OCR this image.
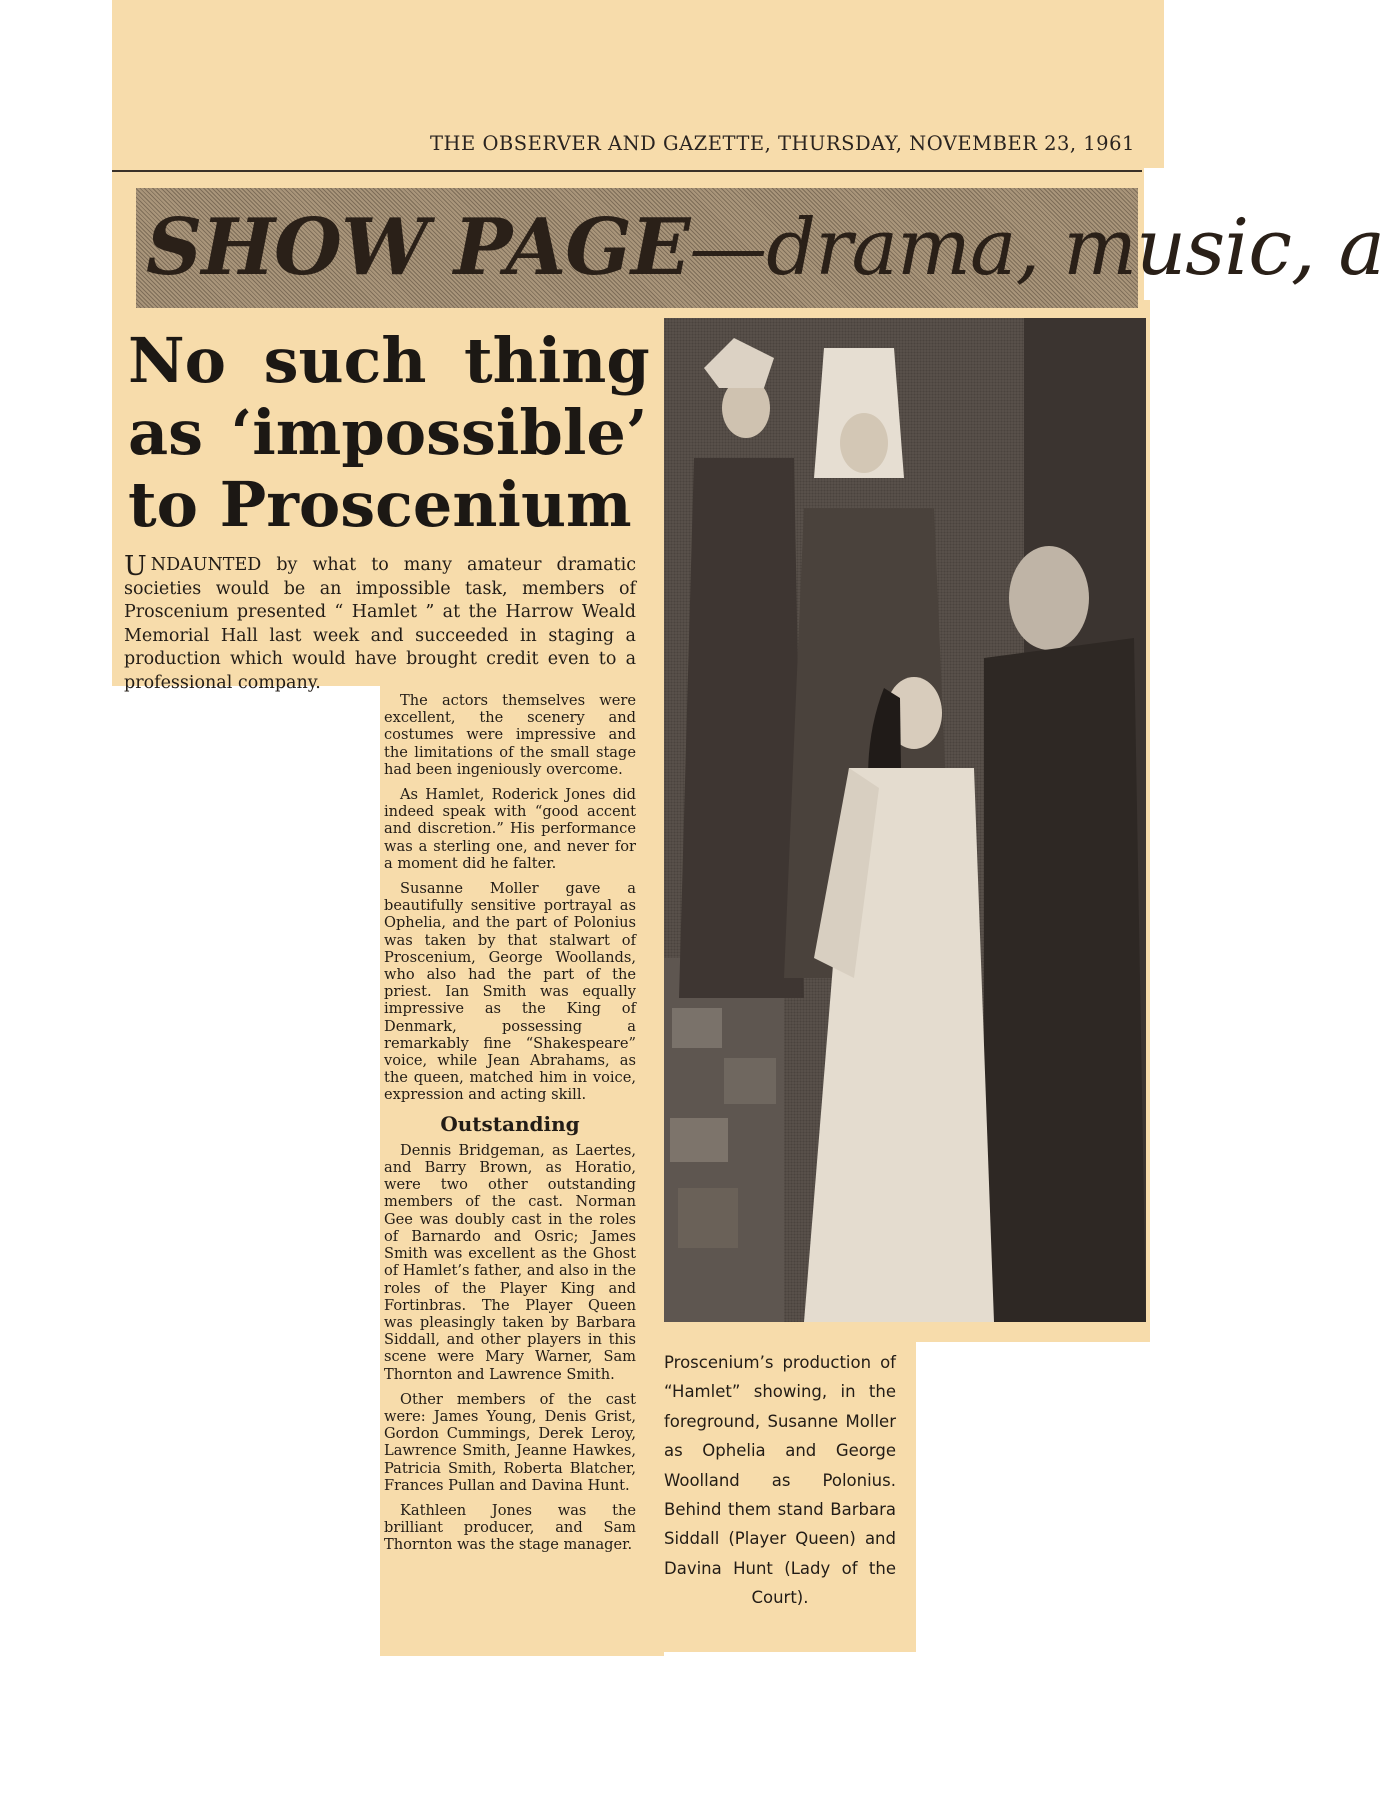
THE OBSERVER AND GAZETTE, THURSDAY, NOVEMBER 23, 1961
SHOW PAGE—drama, music, a
No such thing
as ‘impossible’
to Proscenium

UNDAUNTED by what to many amateur dramatic societies would be an impossible task, members of Proscenium presented “ Hamlet ” at the Harrow Weald Memorial Hall last week and succeeded in staging a production which would have brought credit even to a professional company.

The actors themselves were excellent, the scenery and costumes were impressive and the limitations of the small stage had been ingeniously overcome.

As Hamlet, Roderick Jones did indeed speak with “good accent and discretion.” His performance was a sterling one, and never for a moment did he falter.

Susanne Moller gave a beautifully sensitive portrayal as Ophelia, and the part of Polonius was taken by that stalwart of Proscenium, George Woollands, who also had the part of the priest. Ian Smith was equally impressive as the King of Denmark, possessing a remarkably fine “Shakespeare” voice, while Jean Abrahams, as the queen, matched him in voice, expression and acting skill.

Outstanding

Dennis Bridgeman, as Laertes, and Barry Brown, as Horatio, were two other outstanding members of the cast. Norman Gee was doubly cast in the roles of Barnardo and Osric; James Smith was excellent as the Ghost of Hamlet’s father, and also in the roles of the Player King and Fortinbras. The Player Queen was pleasingly taken by Barbara Siddall, and other players in this scene were Mary Warner, Sam Thornton and Lawrence Smith.

Other members of the cast were: James Young, Denis Grist, Gordon Cummings, Derek Leroy, Lawrence Smith, Jeanne Hawkes, Patricia Smith, Roberta Blatcher, Frances Pullan and Davina Hunt.

Kathleen Jones was the brilliant producer, and Sam Thornton was the stage manager.

Proscenium’s production of “Hamlet” showing, in the foreground, Susanne Moller as Ophelia and George Woolland as Polonius. Behind them stand Barbara Siddall (Player Queen) and Davina Hunt (Lady of the
Court).
